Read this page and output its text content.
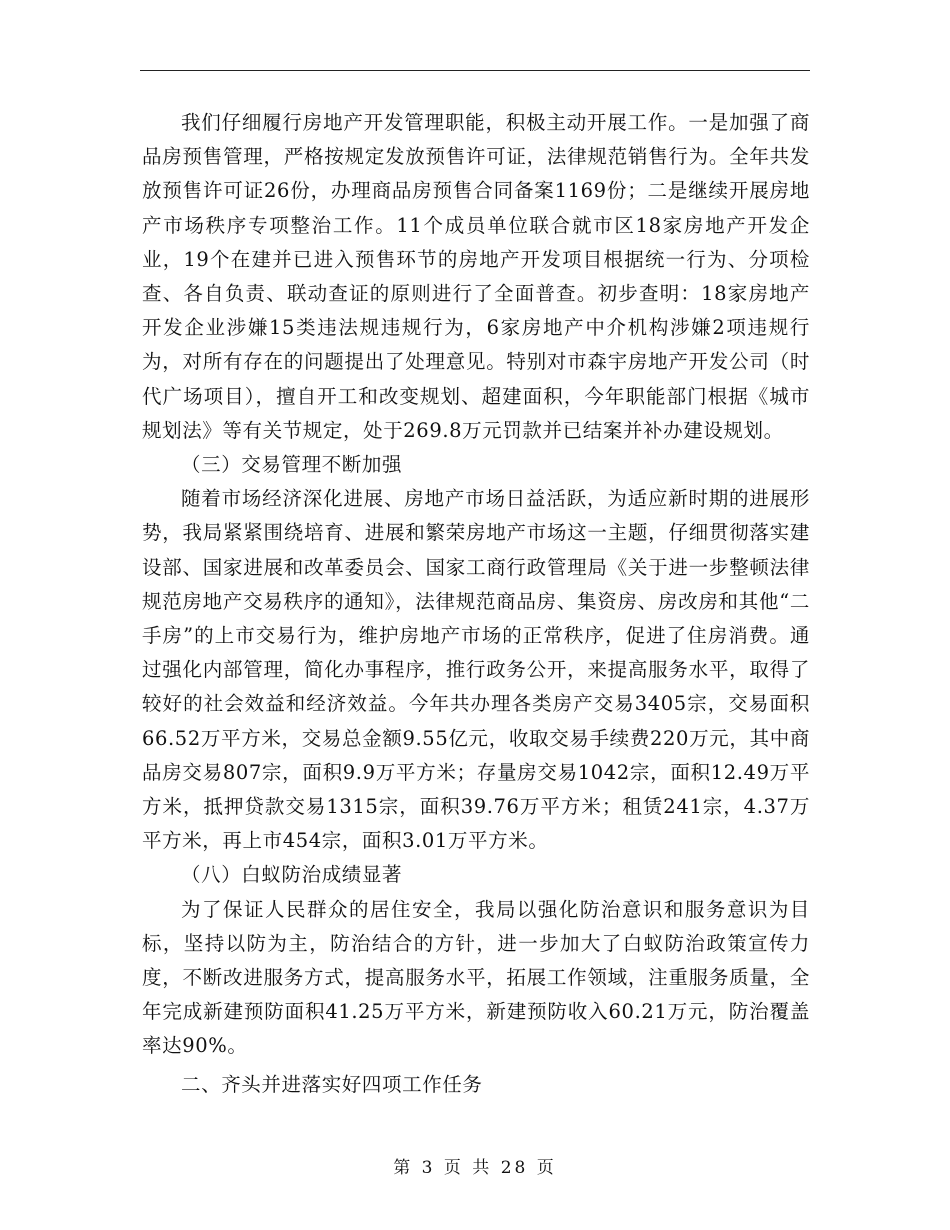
我们仔细履行房地产开发管理职能，积极主动开展工作。一是加强了商品房预售管理，严格按规定发放预售许可证，法律规范销售行为。全年共发放预售许可证26份，办理商品房预售合同备案1169份；二是继续开展房地产市场秩序专项整治工作。11个成员单位联合就市区18家房地产开发企业，19个在建并已进入预售环节的房地产开发项目根据统一行为、分项检查、各自负责、联动查证的原则进行了全面普查。初步查明：18家房地产开发企业涉嫌15类违法规违规行为，6家房地产中介机构涉嫌2项违规行为，对所有存在的问题提出了处理意见。特别对市森宇房地产开发公司（时代广场项目），擅自开工和改变规划、超建面积，今年职能部门根据《城市规划法》等有关节规定，处于269.8万元罚款并已结案并补办建设规划。

（三）交易管理不断加强

随着市场经济深化进展、房地产市场日益活跃，为适应新时期的进展形势，我局紧紧围绕培育、进展和繁荣房地产市场这一主题，仔细贯彻落实建设部、国家进展和改革委员会、国家工商行政管理局《关于进一步整顿法律规范房地产交易秩序的通知》，法律规范商品房、集资房、房改房和其他“二手房”的上市交易行为，维护房地产市场的正常秩序，促进了住房消费。通过强化内部管理，简化办事程序，推行政务公开，来提高服务水平，取得了较好的社会效益和经济效益。今年共办理各类房产交易3405宗，交易面积66.52万平方米，交易总金额9.55亿元，收取交易手续费220万元，其中商品房交易807宗，面积9.9万平方米；存量房交易1042宗，面积12.49万平方米，抵押贷款交易1315宗，面积39.76万平方米；租赁241宗，4.37万平方米，再上市454宗，面积3.01万平方米。

（八）白蚁防治成绩显著

为了保证人民群众的居住安全，我局以强化防治意识和服务意识为目标，坚持以防为主，防治结合的方针，进一步加大了白蚁防治政策宣传力度，不断改进服务方式，提高服务水平，拓展工作领域，注重服务质量，全年完成新建预防面积41.25万平方米，新建预防收入60.21万元，防治覆盖率达90%。

二、齐头并进落实好四项工作任务

第 3 页 共 28 页
